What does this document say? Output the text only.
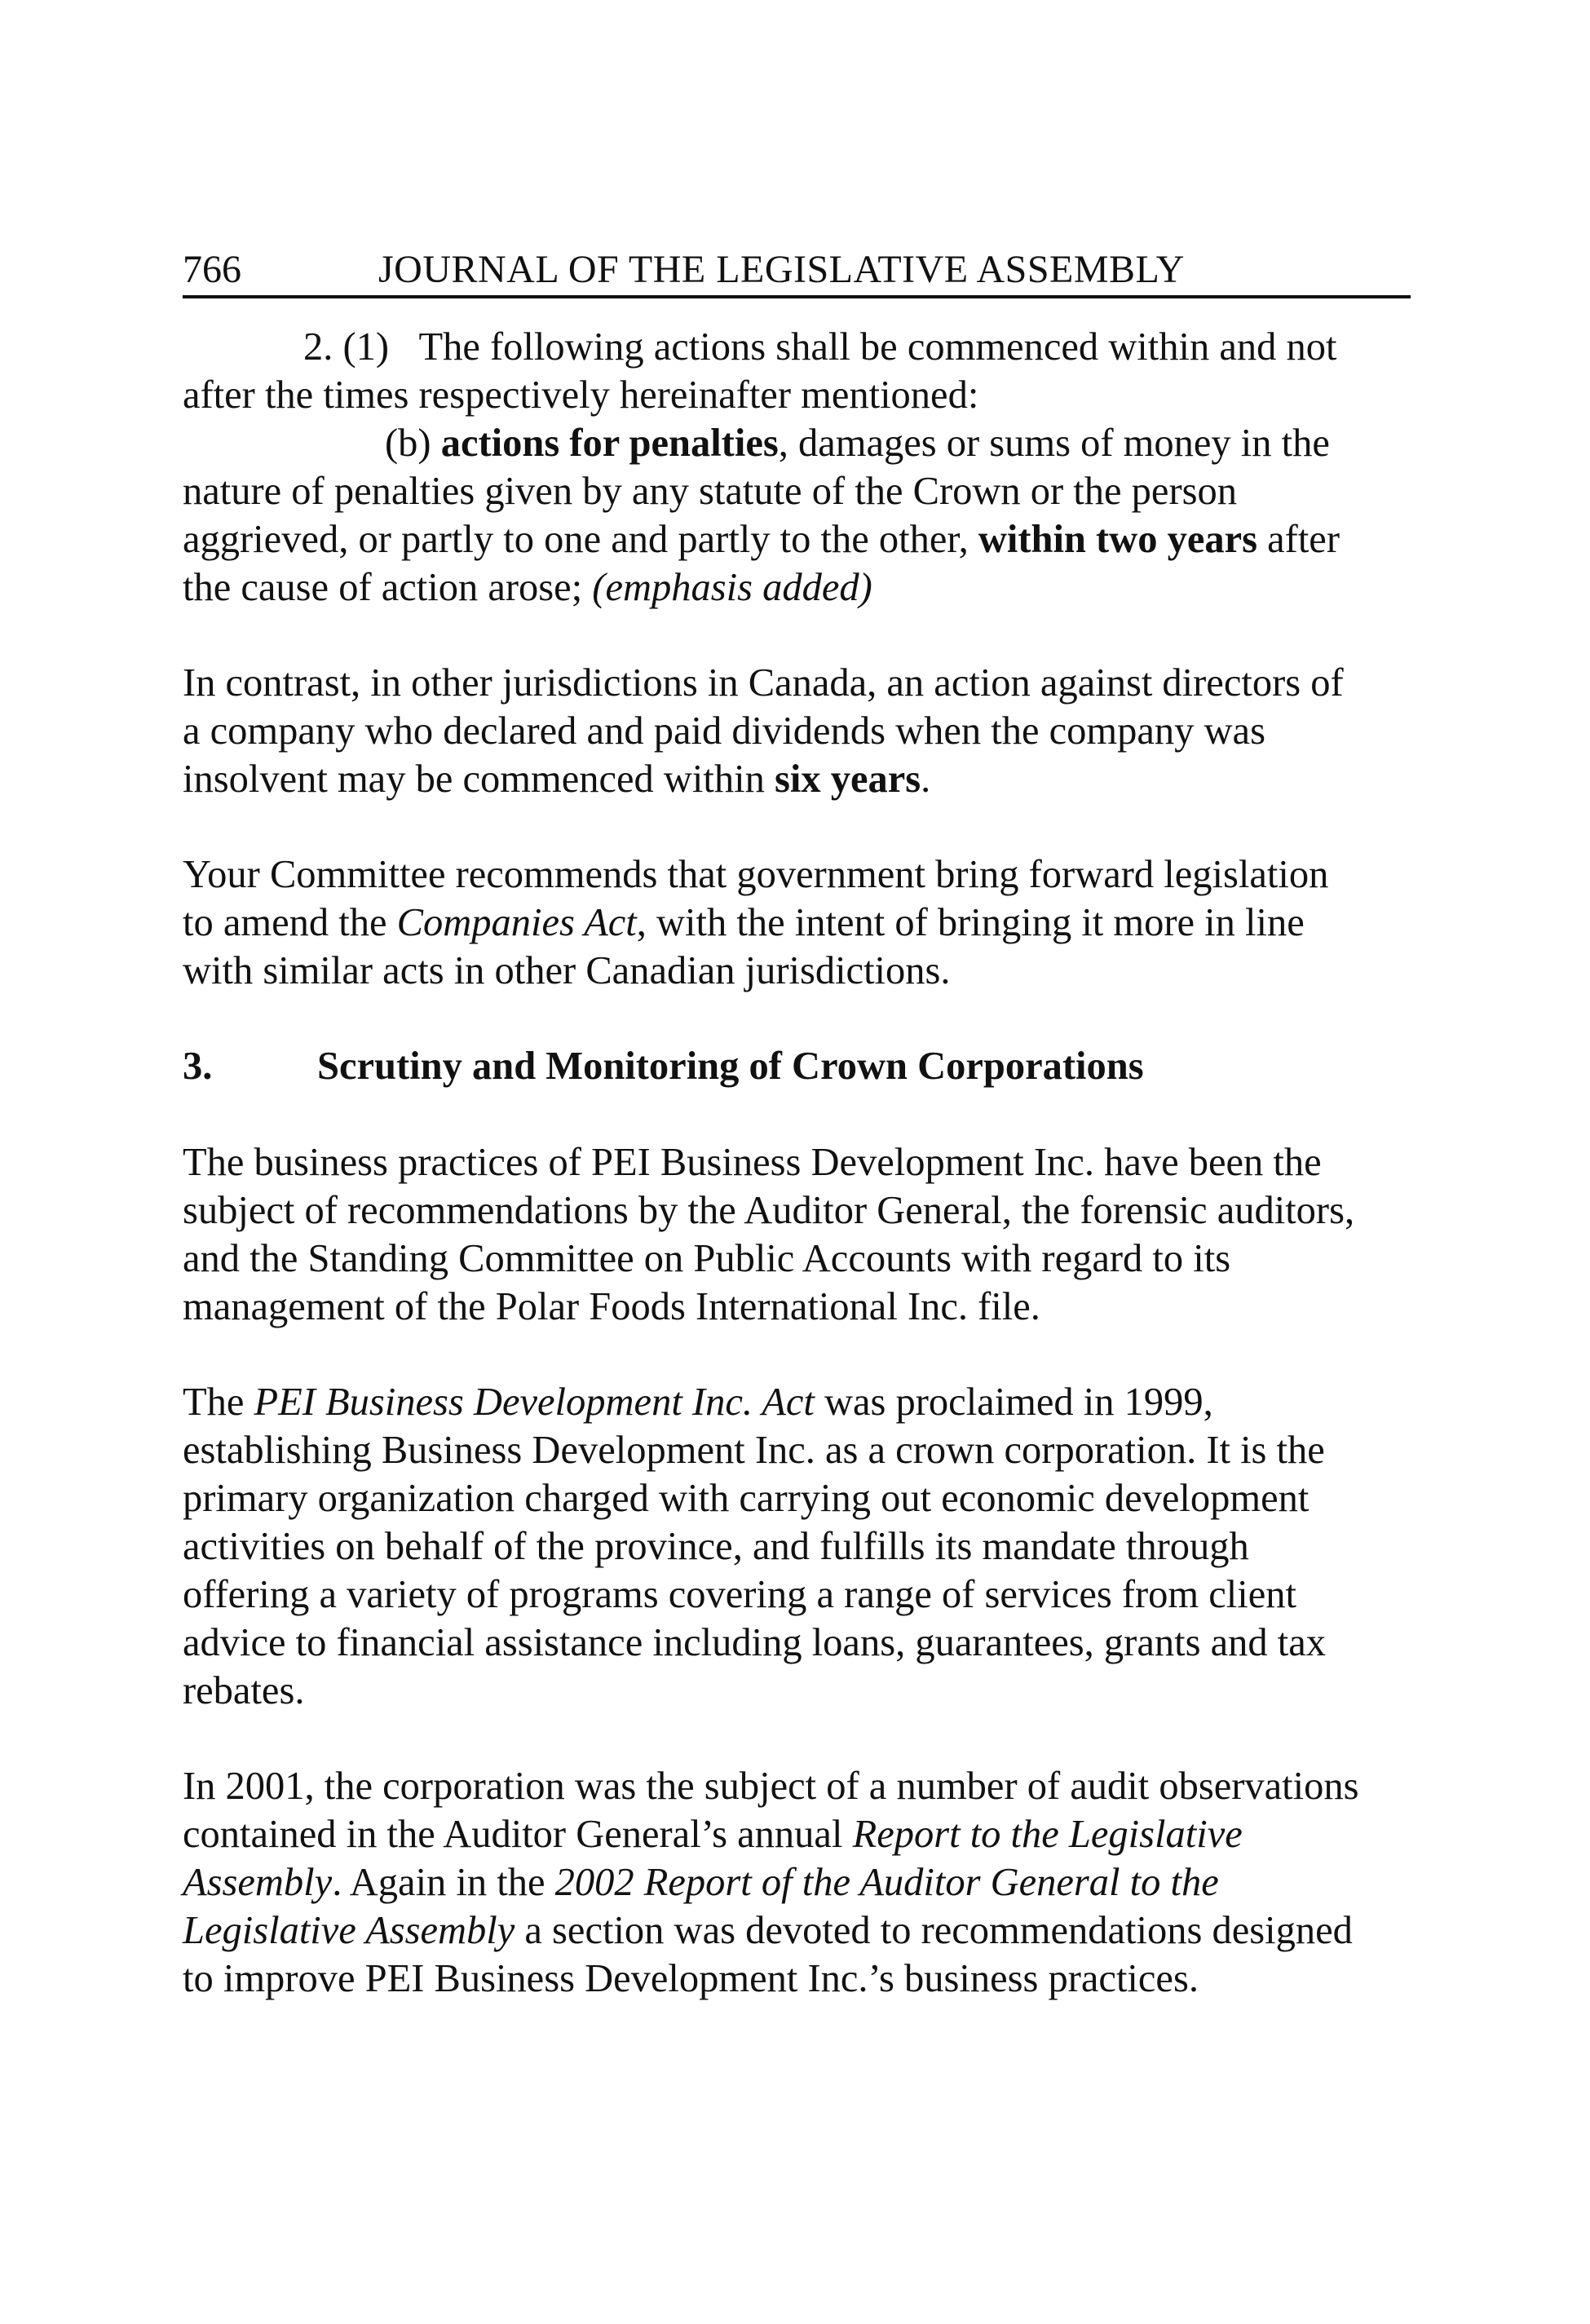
766	JOURNAL OF THE LEGISLATIVE ASSEMBLY
2. (1) The following actions shall be commenced within and not
after the times respectively hereinafter mentioned:
(b) actions for penalties, damages or sums of money in the
nature of penalties given by any statute of the Crown or the person
aggrieved, or partly to one and partly to the other, within two years after
the cause of action arose; (emphasis added)
In contrast, in other jurisdictions in Canada, an action against directors of
a company who declared and paid dividends when the company was
insolvent may be commenced within six years.
Your Committee recommends that government bring forward legislation
to amend the Companies Act, with the intent of bringing it more in line
with similar acts in other Canadian jurisdictions.
3.	Scrutiny and Monitoring of Crown Corporations
The business practices of PEI Business Development Inc. have been the
subject of recommendations by the Auditor General, the forensic auditors,
and the Standing Committee on Public Accounts with regard to its
management of the Polar Foods International Inc. file.
The PEI Business Development Inc. Act was proclaimed in 1999,
establishing Business Development Inc. as a crown corporation. It is the
primary organization charged with carrying out economic development
activities on behalf of the province, and fulfills its mandate through
offering a variety of programs covering a range of services from client
advice to financial assistance including loans, guarantees, grants and tax
rebates.
In 2001, the corporation was the subject of a number of audit observations
contained in the Auditor General’s annual Report to the Legislative
Assembly. Again in the 2002 Report of the Auditor General to the
Legislative Assembly a section was devoted to recommendations designed
to improve PEI Business Development Inc.’s business practices.
